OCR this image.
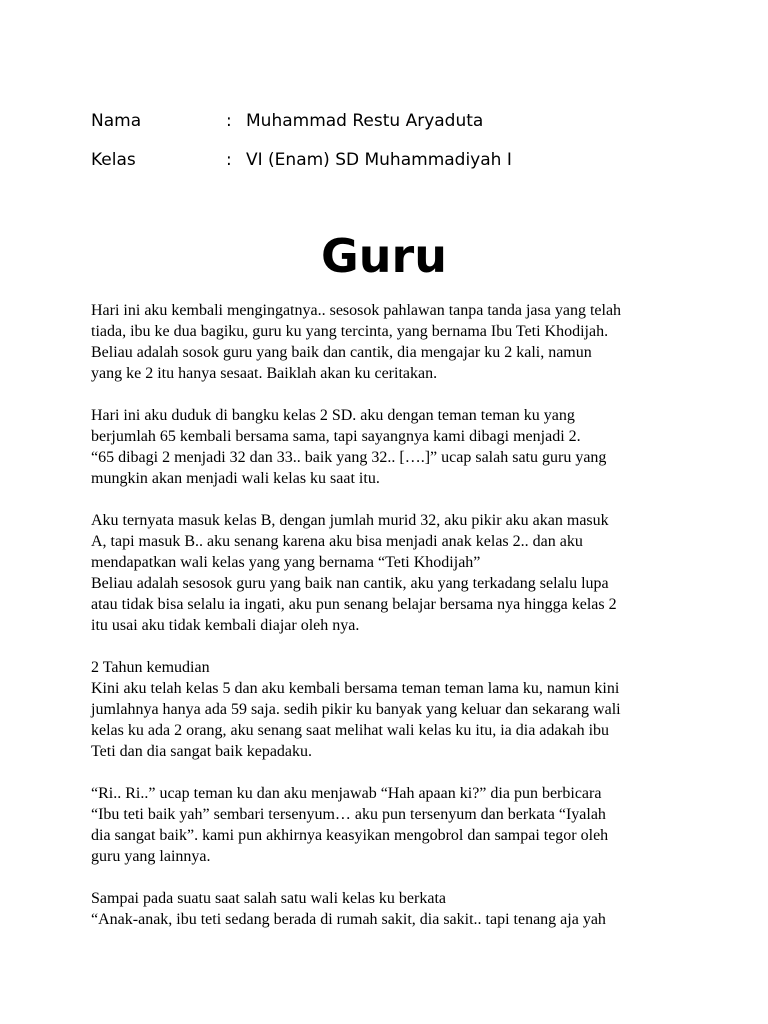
Nama	: Muhammad Restu Aryaduta
Kelas	: VI (Enam) SD Muhammadiyah I
Guru

Hari ini aku kembali mengingatnya.. sesosok pahlawan tanpa tanda jasa yang telah
tiada, ibu ke dua bagiku, guru ku yang tercinta, yang bernama Ibu Teti Khodijah.
Beliau adalah sosok guru yang baik dan cantik, dia mengajar ku 2 kali, namun
yang ke 2 itu hanya sesaat. Baiklah akan ku ceritakan.

Hari ini aku duduk di bangku kelas 2 SD. aku dengan teman teman ku yang
berjumlah 65 kembali bersama sama, tapi sayangnya kami dibagi menjadi 2.
“65 dibagi 2 menjadi 32 dan 33.. baik yang 32.. [….]” ucap salah satu guru yang
mungkin akan menjadi wali kelas ku saat itu.

Aku ternyata masuk kelas B, dengan jumlah murid 32, aku pikir aku akan masuk
A, tapi masuk B.. aku senang karena aku bisa menjadi anak kelas 2.. dan aku
mendapatkan wali kelas yang yang bernama “Teti Khodijah”
Beliau adalah sesosok guru yang baik nan cantik, aku yang terkadang selalu lupa
atau tidak bisa selalu ia ingati, aku pun senang belajar bersama nya hingga kelas 2
itu usai aku tidak kembali diajar oleh nya.

2 Tahun kemudian
Kini aku telah kelas 5 dan aku kembali bersama teman teman lama ku, namun kini
jumlahnya hanya ada 59 saja. sedih pikir ku banyak yang keluar dan sekarang wali
kelas ku ada 2 orang, aku senang saat melihat wali kelas ku itu, ia dia adakah ibu
Teti dan dia sangat baik kepadaku.

“Ri.. Ri..” ucap teman ku dan aku menjawab “Hah apaan ki?” dia pun berbicara
“Ibu teti baik yah” sembari tersenyum… aku pun tersenyum dan berkata “Iyalah
dia sangat baik”. kami pun akhirnya keasyikan mengobrol dan sampai tegor oleh
guru yang lainnya.

Sampai pada suatu saat salah satu wali kelas ku berkata
“Anak-anak, ibu teti sedang berada di rumah sakit, dia sakit.. tapi tenang aja yah
